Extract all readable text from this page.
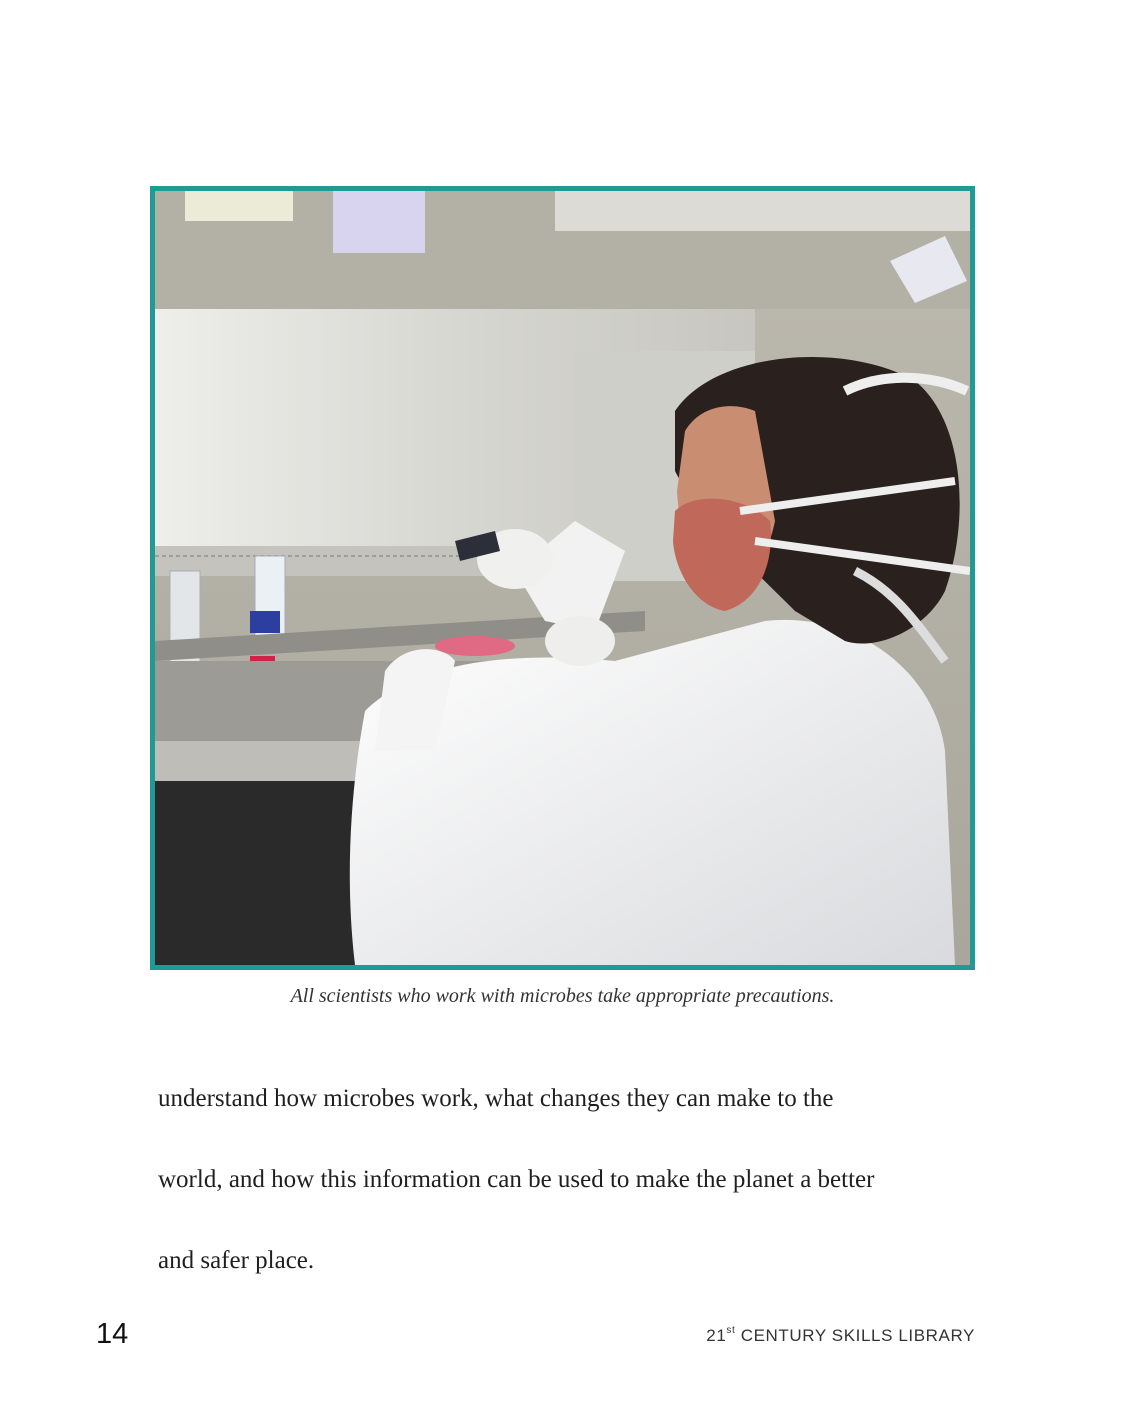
All scientists who work with microbes take appropriate precautions.
understand how microbes work, what changes they can make to the
world, and how this information can be used to make the planet a better
and safer place.
14	21st CENTURY SKILLS LIBRARY
